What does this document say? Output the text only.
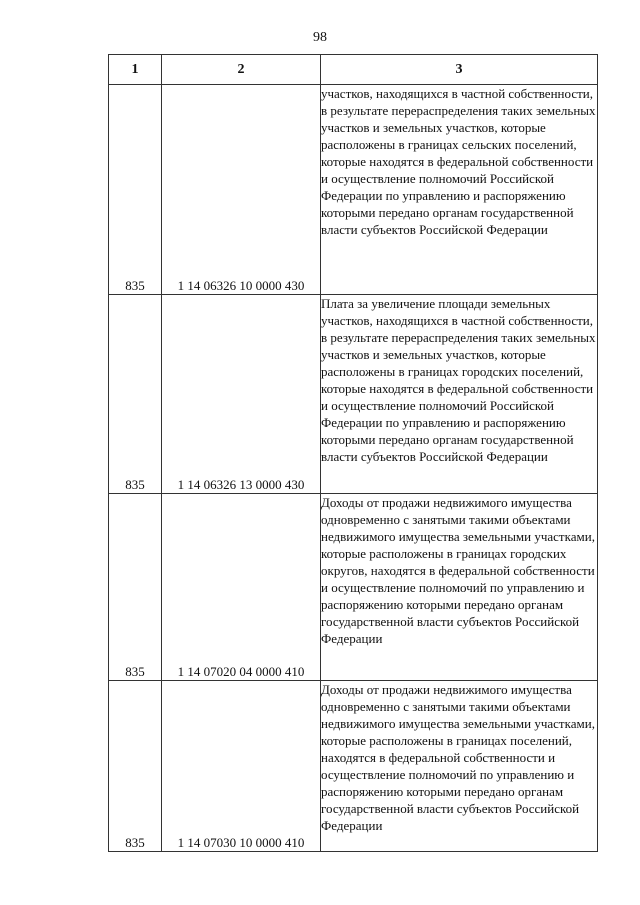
98
1	2	3
835	1 14 06326 10 0000 430	участков, находящихся в частной собственности, в результате перераспределения таких земельных участков и земельных участков, которые расположены в границах сельских поселений, которые находятся в федеральной собственности и осуществление полномочий Российской Федерации по управлению и распоряжению которыми передано органам государственной власти субъектов Российской Федерации
835	1 14 06326 13 0000 430	Плата за увеличение площади земельных участков, находящихся в частной собственности, в результате перераспределения таких земельных участков и земельных участков, которые расположены в границах городских поселений, которые находятся в федеральной собственности и осуществление полномочий Российской Федерации по управлению и распоряжению которыми передано органам государственной власти субъектов Российской Федерации
835	1 14 07020 04 0000 410	Доходы от продажи недвижимого имущества одновременно с занятыми такими объектами недвижимого имущества земельными участками, которые расположены в границах городских округов, находятся в федеральной собственности и осуществление полномочий по управлению и распоряжению которыми передано органам государственной власти субъектов Российской Федерации
835	1 14 07030 10 0000 410	Доходы от продажи недвижимого имущества одновременно с занятыми такими объектами недвижимого имущества земельными участками, которые расположены в границах поселений, находятся в федеральной собственности и осуществление полномочий по управлению и распоряжению которыми передано органам государственной власти субъектов Российской Федерации
